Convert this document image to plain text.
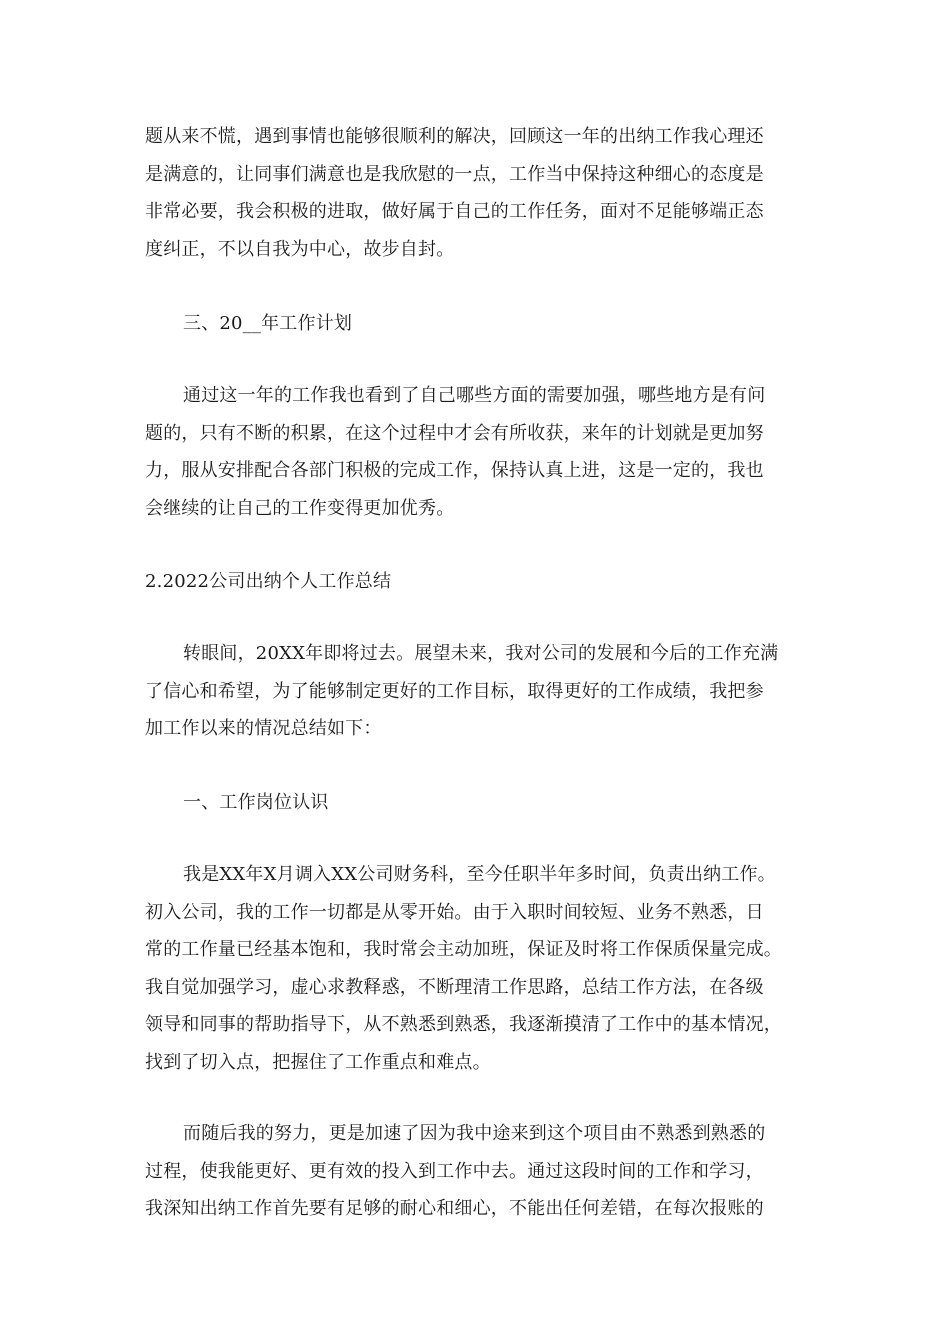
题从来不慌，遇到事情也能够很顺利的解决，回顾这一年的出纳工作我心理还
是满意的，让同事们满意也是我欣慰的一点，工作当中保持这种细心的态度是
非常必要，我会积极的进取，做好属于自己的工作任务，面对不足能够端正态
度纠正，不以自我为中心，故步自封。

三、20__年工作计划

通过这一年的工作我也看到了自己哪些方面的需要加强，哪些地方是有问
题的，只有不断的积累，在这个过程中才会有所收获，来年的计划就是更加努
力，服从安排配合各部门积极的完成工作，保持认真上进，这是一定的，我也
会继续的让自己的工作变得更加优秀。

2.2022公司出纳个人工作总结

转眼间，20XX年即将过去。展望未来，我对公司的发展和今后的工作充满
了信心和希望，为了能够制定更好的工作目标，取得更好的工作成绩，我把参
加工作以来的情况总结如下：

一、工作岗位认识

我是XX年X月调入XX公司财务科，至今任职半年多时间，负责出纳工作。
初入公司，我的工作一切都是从零开始。由于入职时间较短、业务不熟悉，日
常的工作量已经基本饱和，我时常会主动加班，保证及时将工作保质保量完成。
我自觉加强学习，虚心求教释惑，不断理清工作思路，总结工作方法，在各级
领导和同事的帮助指导下，从不熟悉到熟悉，我逐渐摸清了工作中的基本情况，
找到了切入点，把握住了工作重点和难点。

而随后我的努力，更是加速了因为我中途来到这个项目由不熟悉到熟悉的
过程，使我能更好、更有效的投入到工作中去。通过这段时间的工作和学习，
我深知出纳工作首先要有足够的耐心和细心，不能出任何差错，在每次报账的
